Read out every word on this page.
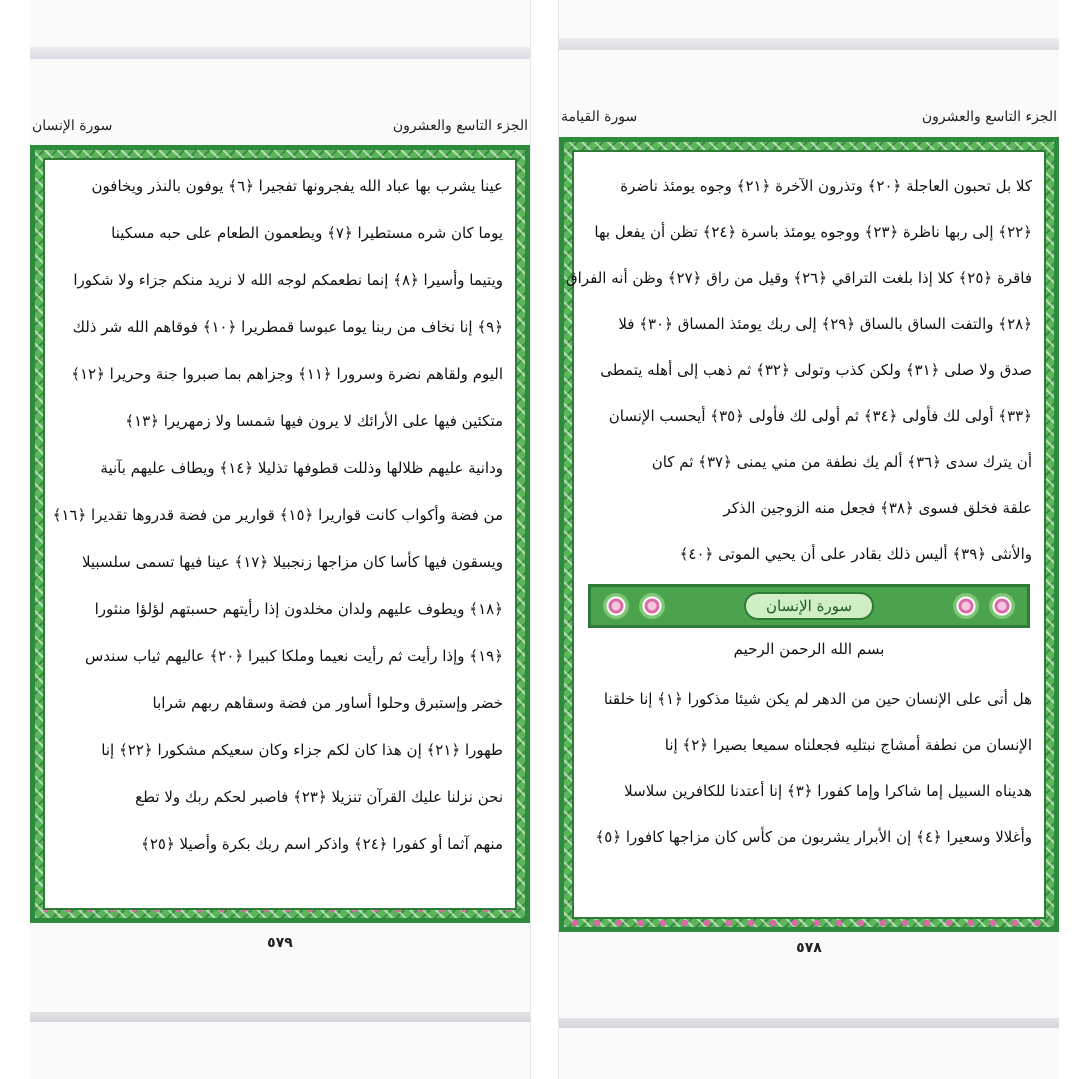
الجزء التاسع والعشرون
سورة الإنسان
عينا يشرب بها عباد الله يفجرونها تفجيرا ﴿٦﴾ يوفون بالنذر ويخافون
يوما كان شره مستطيرا ﴿٧﴾ ويطعمون الطعام على حبه مسكينا
ويتيما وأسيرا ﴿٨﴾ إنما نطعمكم لوجه الله لا نريد منكم جزاء ولا شكورا
﴿٩﴾ إنا نخاف من ربنا يوما عبوسا قمطريرا ﴿١٠﴾ فوقاهم الله شر ذلك
اليوم ولقاهم نضرة وسرورا ﴿١١﴾ وجزاهم بما صبروا جنة وحريرا ﴿١٢﴾
متكئين فيها على الأرائك لا يرون فيها شمسا ولا زمهريرا ﴿١٣﴾
ودانية عليهم ظلالها وذللت قطوفها تذليلا ﴿١٤﴾ ويطاف عليهم بآنية
من فضة وأكواب كانت قواريرا ﴿١٥﴾ قوارير من فضة قدروها تقديرا ﴿١٦﴾
ويسقون فيها كأسا كان مزاجها زنجبيلا ﴿١٧﴾ عينا فيها تسمى سلسبيلا
﴿١٨﴾ ويطوف عليهم ولدان مخلدون إذا رأيتهم حسبتهم لؤلؤا منثورا
﴿١٩﴾ وإذا رأيت ثم رأيت نعيما وملكا كبيرا ﴿٢٠﴾ عاليهم ثياب سندس
خضر وإستبرق وحلوا أساور من فضة وسقاهم ربهم شرابا
طهورا ﴿٢١﴾ إن هذا كان لكم جزاء وكان سعيكم مشكورا ﴿٢٢﴾ إنا
نحن نزلنا عليك القرآن تنزيلا ﴿٢٣﴾ فاصبر لحكم ربك ولا تطع
منهم آثما أو كفورا ﴿٢٤﴾ واذكر اسم ربك بكرة وأصيلا ﴿٢٥﴾
٥٧٩
الجزء التاسع والعشرون
سورة القيامة
كلا بل تحبون العاجلة ﴿٢٠﴾ وتذرون الآخرة ﴿٢١﴾ وجوه يومئذ ناضرة
﴿٢٢﴾ إلى ربها ناظرة ﴿٢٣﴾ ووجوه يومئذ باسرة ﴿٢٤﴾ تظن أن يفعل بها
فاقرة ﴿٢٥﴾ كلا إذا بلغت التراقي ﴿٢٦﴾ وقيل من راق ﴿٢٧﴾ وظن أنه الفراق
﴿٢٨﴾ والتفت الساق بالساق ﴿٢٩﴾ إلى ربك يومئذ المساق ﴿٣٠﴾ فلا
صدق ولا صلى ﴿٣١﴾ ولكن كذب وتولى ﴿٣٢﴾ ثم ذهب إلى أهله يتمطى
﴿٣٣﴾ أولى لك فأولى ﴿٣٤﴾ ثم أولى لك فأولى ﴿٣٥﴾ أيحسب الإنسان
أن يترك سدى ﴿٣٦﴾ ألم يك نطفة من مني يمنى ﴿٣٧﴾ ثم كان
علقة فخلق فسوى ﴿٣٨﴾ فجعل منه الزوجين الذكر
والأنثى ﴿٣٩﴾ أليس ذلك بقادر على أن يحيي الموتى ﴿٤٠﴾
سورة الإنسان
بسم الله الرحمن الرحيم
هل أتى على الإنسان حين من الدهر لم يكن شيئا مذكورا ﴿١﴾ إنا خلقنا
الإنسان من نطفة أمشاج نبتليه فجعلناه سميعا بصيرا ﴿٢﴾ إنا
هديناه السبيل إما شاكرا وإما كفورا ﴿٣﴾ إنا أعتدنا للكافرين سلاسلا
وأغلالا وسعيرا ﴿٤﴾ إن الأبرار يشربون من كأس كان مزاجها كافورا ﴿٥﴾
٥٧٨
